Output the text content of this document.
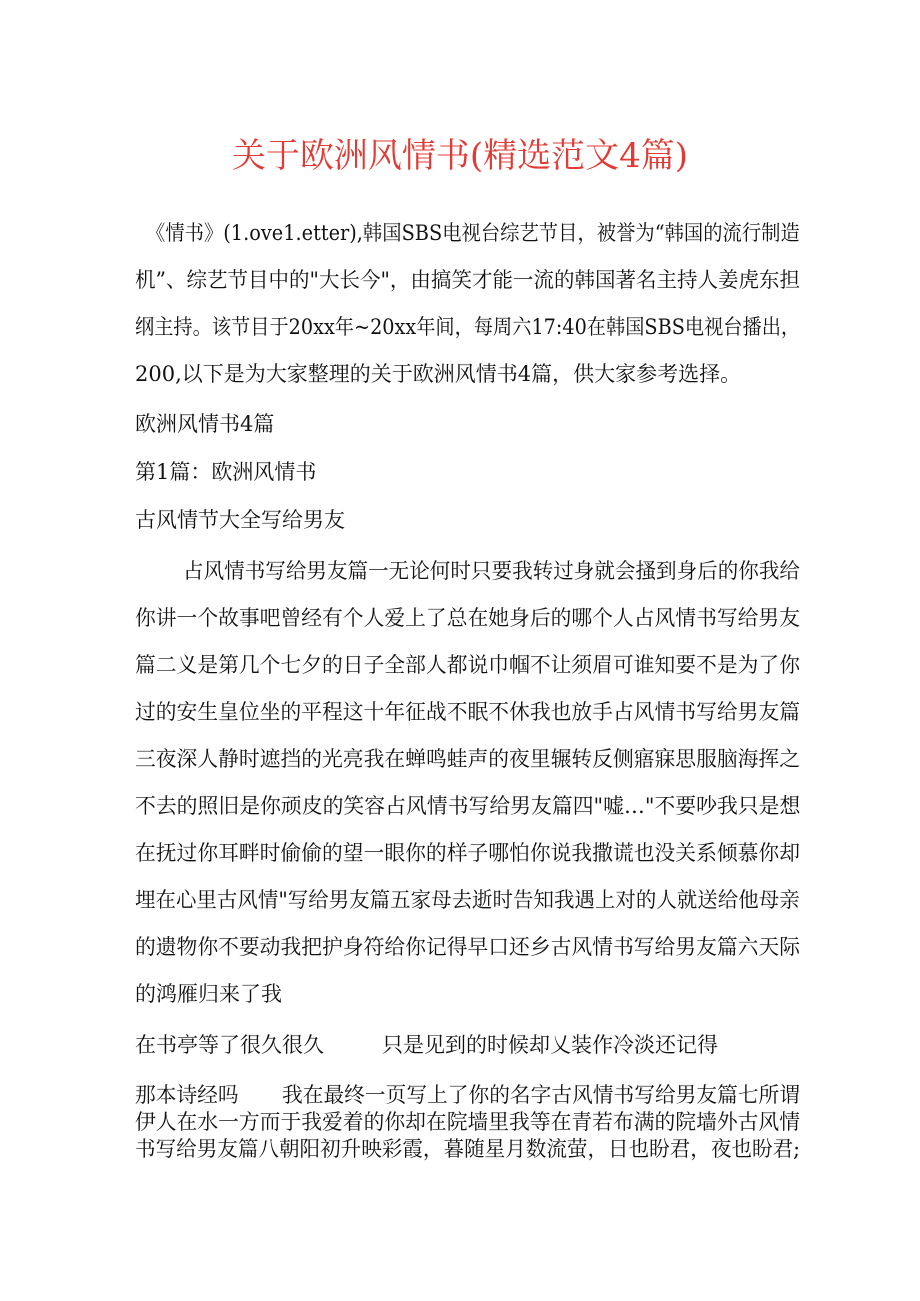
关于欧洲风情书(精选范文4篇)
《情书》(1.ove1.etter),韩国SBS电视台综艺节目，被誉为“韩国的流行制造
机”、综艺节目中的"大长今"，由搞笑才能一流的韩国著名主持人姜虎东担
纲主持。该节目于20xx年~20xx年间，每周六17:40在韩国SBS电视台播出，
200,以下是为大家整理的关于欧洲风情书4篇，供大家参考选择。
欧洲风情书4篇
第1篇：欧洲风情书
古风情节大全写给男友
占风情书写给男友篇一无论何时只要我转过身就会搔到身后的你我给
你讲一个故事吧曾经有个人爱上了总在她身后的哪个人占风情书写给男友
篇二义是第几个七夕的日子全部人都说巾帼不让须眉可谁知要不是为了你
过的安生皇位坐的平程这十年征战不眠不休我也放手占风情书写给男友篇
三夜深人静时遮挡的光亮我在蝉鸣蛙声的夜里辗转反侧寤寐思服脑海挥之
不去的照旧是你顽皮的笑容占风情书写给男友篇四"嘘…"不要吵我只是想
在抚过你耳畔时偷偷的望一眼你的样子哪怕你说我撒谎也没关系倾慕你却
埋在心里古风情"写给男友篇五家母去逝时告知我遇上对的人就送给他母亲
的遗物你不要动我把护身符给你记得早口还乡古风情书写给男友篇六天际
的鸿雁归来了我
在书亭等了很久很久	只是见到的时候却乂装作冷淡还记得
那本诗经吗 我在最终一页写上了你的名字古风情书写给男友篇七所谓
伊人在水一方而于我爱着的你却在院墙里我等在青若布满的院墙外古风情
书写给男友篇八朝阳初升映彩霞，暮随星月数流萤，日也盼君，夜也盼君;
